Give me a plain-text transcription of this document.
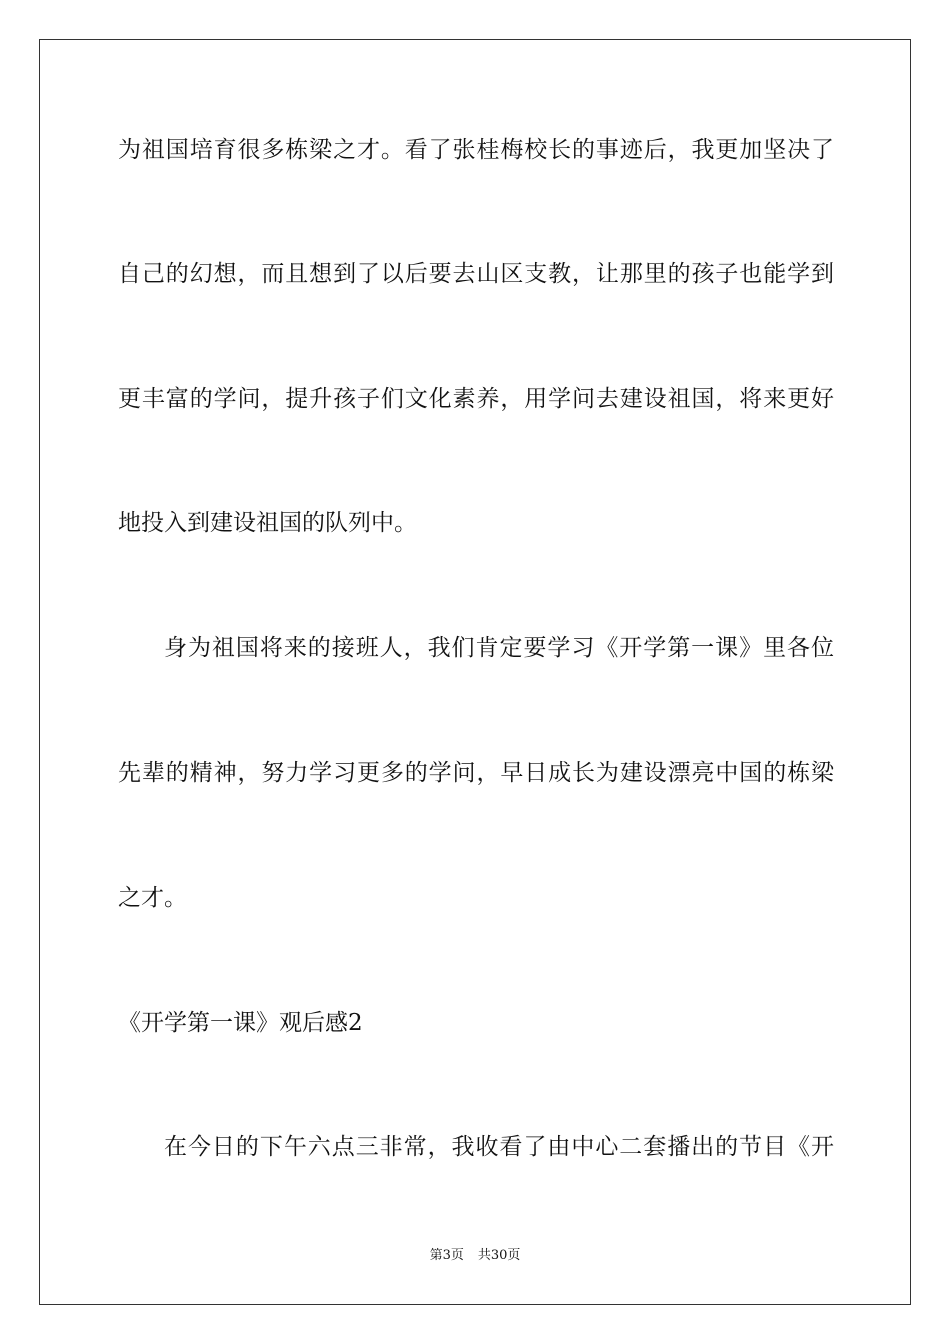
为祖国培育很多栋梁之才。看了张桂梅校长的事迹后，我更加坚决了
自己的幻想，而且想到了以后要去山区支教，让那里的孩子也能学到
更丰富的学问，提升孩子们文化素养，用学问去建设祖国，将来更好
地投入到建设祖国的队列中。
身为祖国将来的接班人，我们肯定要学习《开学第一课》里各位
先辈的精神，努力学习更多的学问，早日成长为建设漂亮中国的栋梁
之才。
《开学第一课》观后感2
在今日的下午六点三非常，我收看了由中心二套播出的节目《开
第3页 共30页
